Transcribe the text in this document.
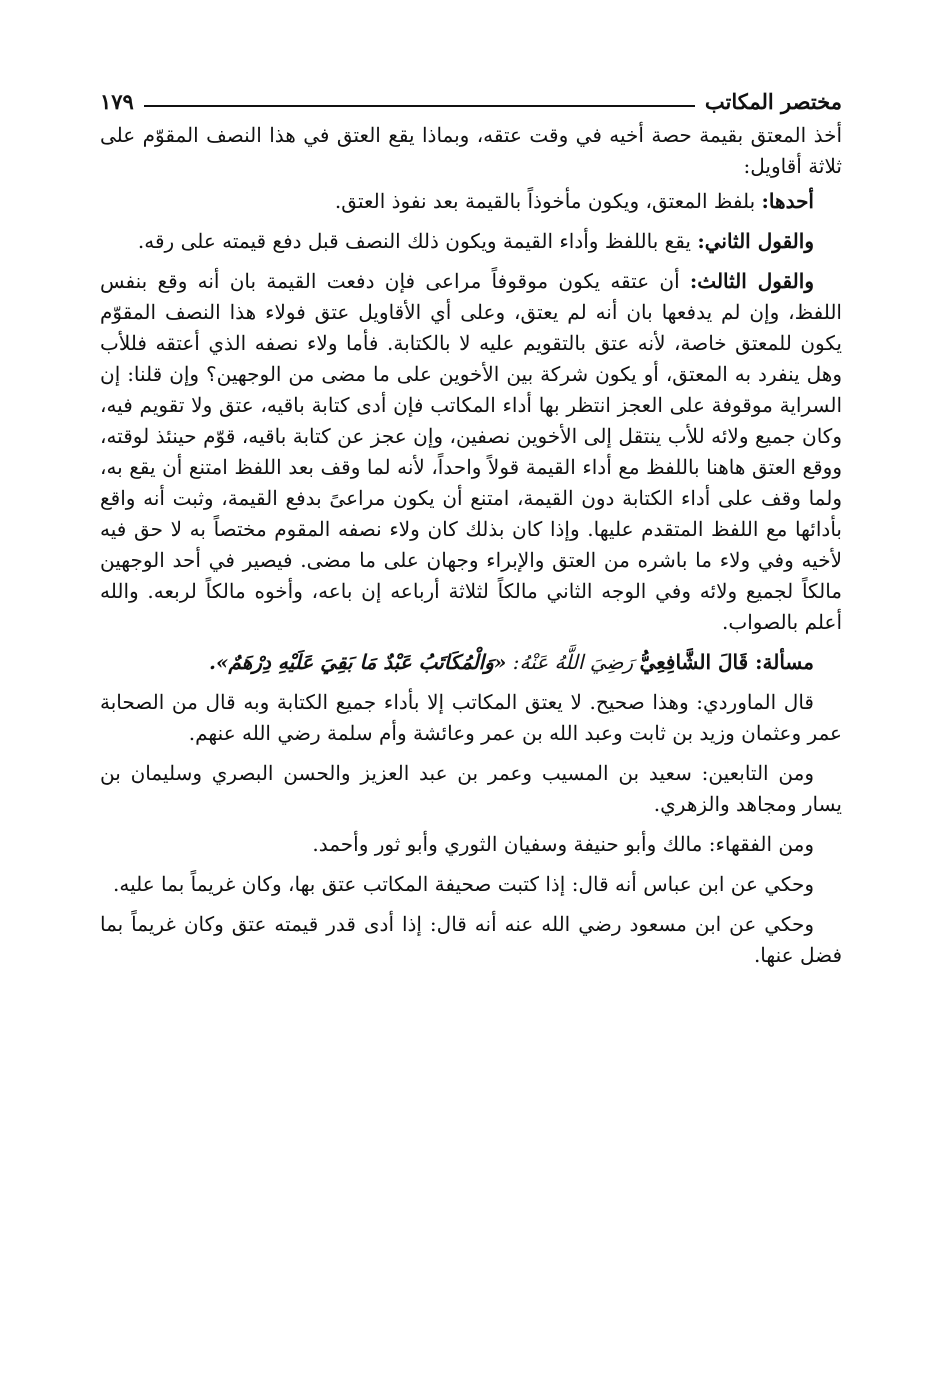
مختصر المكاتب
١٧٩

أخذ المعتق بقيمة حصة أخيه في وقت عتقه، وبماذا يقع العتق في هذا النصف المقوّم على ثلاثة أقاويل:

أحدها: بلفظ المعتق، ويكون مأخوذاً بالقيمة بعد نفوذ العتق.

والقول الثاني: يقع باللفظ وأداء القيمة ويكون ذلك النصف قبل دفع قيمته على رقه.

والقول الثالث: أن عتقه يكون موقوفاً مراعى فإن دفعت القيمة بان أنه وقع بنفس اللفظ، وإن لم يدفعها بان أنه لم يعتق، وعلى أي الأقاويل عتق فولاء هذا النصف المقوّم يكون للمعتق خاصة، لأنه عتق بالتقويم عليه لا بالكتابة. فأما ولاء نصفه الذي أعتقه فللأب وهل ينفرد به المعتق، أو يكون شركة بين الأخوين على ما مضى من الوجهين؟ وإن قلنا: إن السراية موقوفة على العجز انتظر بها أداء المكاتب فإن أدى كتابة باقيه، عتق ولا تقويم فيه، وكان جميع ولائه للأب ينتقل إلى الأخوين نصفين، وإن عجز عن كتابة باقيه، قوّم حينئذ لوقته، ووقع العتق هاهنا باللفظ مع أداء القيمة قولاً واحداً، لأنه لما وقف بعد اللفظ امتنع أن يقع به، ولما وقف على أداء الكتابة دون القيمة، امتنع أن يكون مراعىً بدفع القيمة، وثبت أنه واقع بأدائها مع اللفظ المتقدم عليها. وإذا كان بذلك كان ولاء نصفه المقوم مختصاً به لا حق فيه لأخيه وفي ولاء ما باشره من العتق والإبراء وجهان على ما مضى. فيصير في أحد الوجهين مالكاً لجميع ولائه وفي الوجه الثاني مالكاً لثلاثة أرباعه إن باعه، وأخوه مالكاً لربعه. والله أعلم بالصواب.

مسألة: قَالَ الشَّافِعِيُّ رَضِيَ اللَّهُ عَنْهُ: «وَالْمُكَاتَبُ عَبْدٌ مَا بَقِيَ عَلَيْهِ دِرْهَمٌ».

قال الماوردي: وهذا صحيح. لا يعتق المكاتب إلا بأداء جميع الكتابة وبه قال من الصحابة عمر وعثمان وزيد بن ثابت وعبد الله بن عمر وعائشة وأم سلمة رضي الله عنهم.

ومن التابعين: سعيد بن المسيب وعمر بن عبد العزيز والحسن البصري وسليمان بن يسار ومجاهد والزهري.

ومن الفقهاء: مالك وأبو حنيفة وسفيان الثوري وأبو ثور وأحمد.

وحكي عن ابن عباس أنه قال: إذا كتبت صحيفة المكاتب عتق بها، وكان غريماً بما عليه.

وحكي عن ابن مسعود رضي الله عنه أنه قال: إذا أدى قدر قيمته عتق وكان غريماً بما فضل عنها.
